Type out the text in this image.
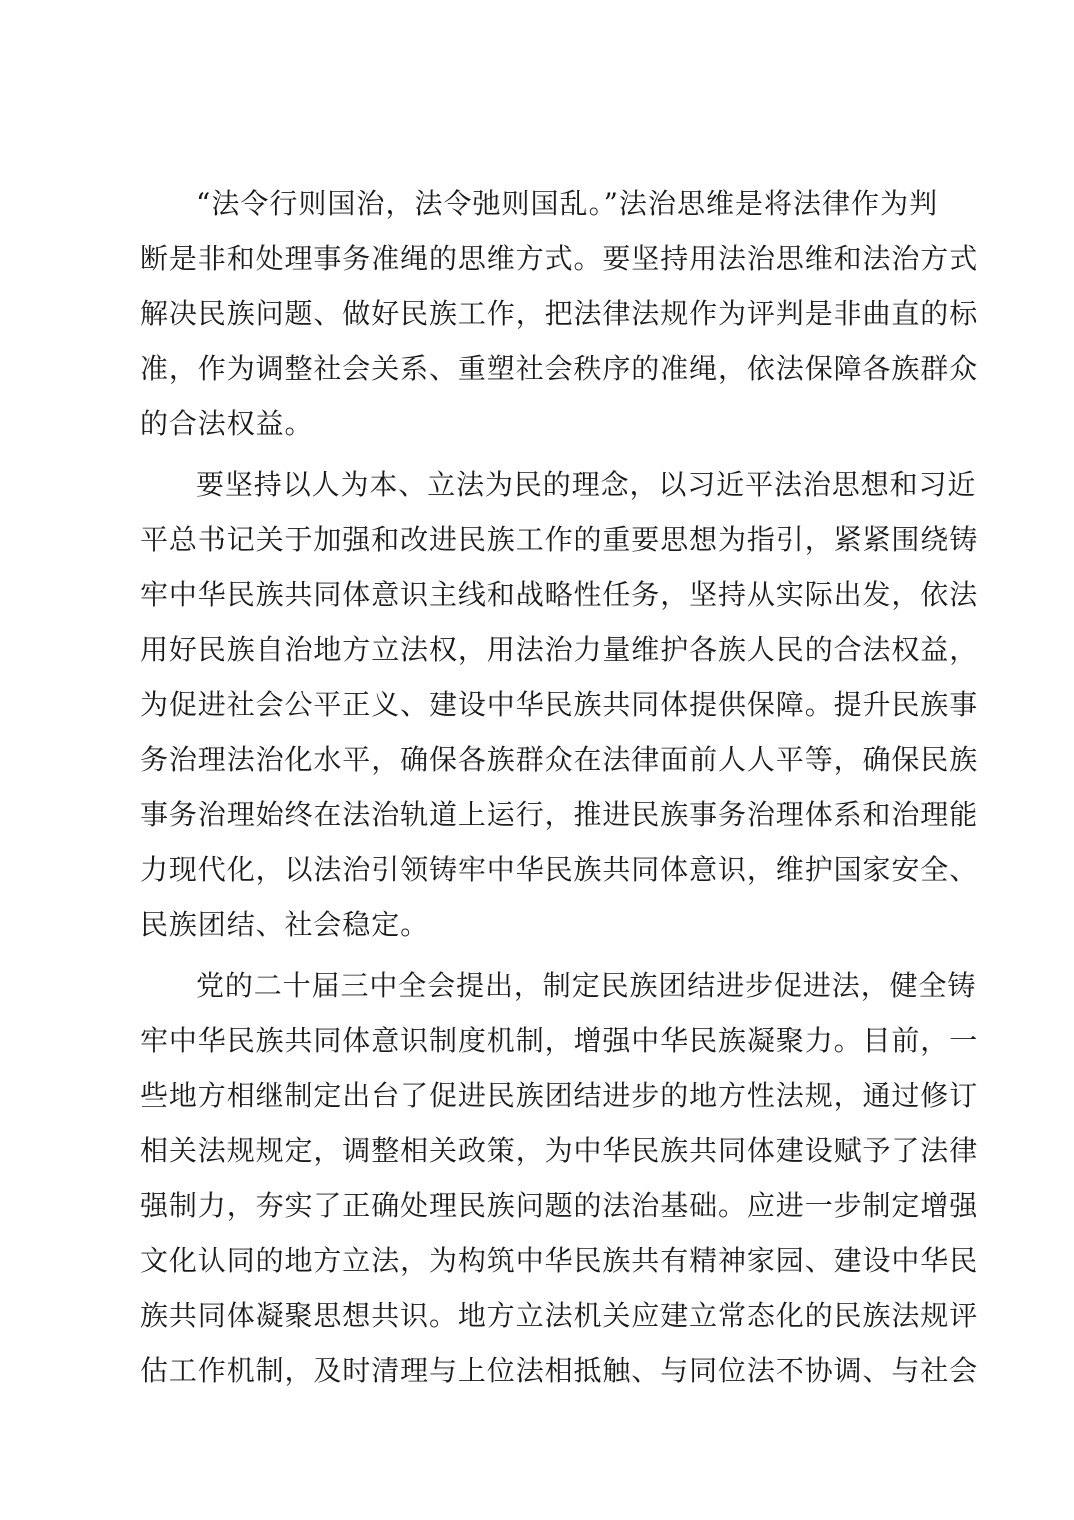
“法令行则国治，法令弛则国乱。”法治思维是将法律作为判
断是非和处理事务准绳的思维方式。要坚持用法治思维和法治方式
解决民族问题、做好民族工作，把法律法规作为评判是非曲直的标
准，作为调整社会关系、重塑社会秩序的准绳，依法保障各族群众
的合法权益。
要坚持以人为本、立法为民的理念，以习近平法治思想和习近
平总书记关于加强和改进民族工作的重要思想为指引，紧紧围绕铸
牢中华民族共同体意识主线和战略性任务，坚持从实际出发，依法
用好民族自治地方立法权，用法治力量维护各族人民的合法权益，
为促进社会公平正义、建设中华民族共同体提供保障。提升民族事
务治理法治化水平，确保各族群众在法律面前人人平等，确保民族
事务治理始终在法治轨道上运行，推进民族事务治理体系和治理能
力现代化，以法治引领铸牢中华民族共同体意识，维护国家安全、
民族团结、社会稳定。
党的二十届三中全会提出，制定民族团结进步促进法，健全铸
牢中华民族共同体意识制度机制，增强中华民族凝聚力。目前，一
些地方相继制定出台了促进民族团结进步的地方性法规，通过修订
相关法规规定，调整相关政策，为中华民族共同体建设赋予了法律
强制力，夯实了正确处理民族问题的法治基础。应进一步制定增强
文化认同的地方立法，为构筑中华民族共有精神家园、建设中华民
族共同体凝聚思想共识。地方立法机关应建立常态化的民族法规评
估工作机制，及时清理与上位法相抵触、与同位法不协调、与社会
